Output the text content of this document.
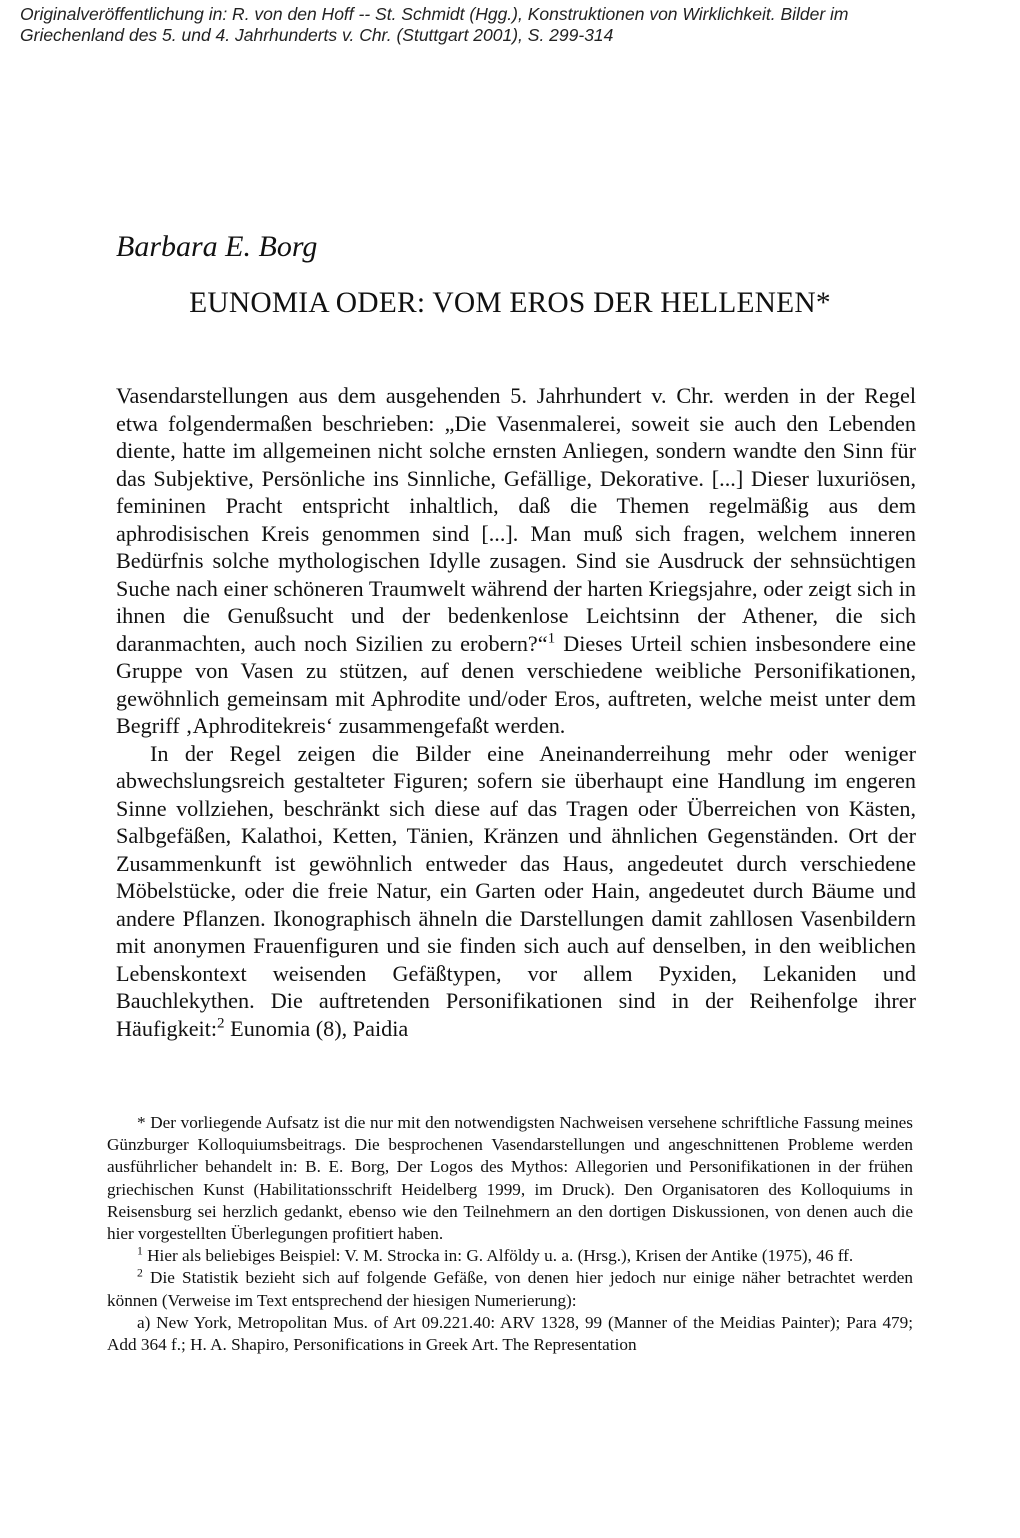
Originalveröffentlichung in: R. von den Hoff -- St. Schmidt (Hgg.), Konstruktionen von Wirklichkeit. Bilder im
Griechenland des 5. und 4. Jahrhunderts v. Chr. (Stuttgart 2001), S. 299-314
Barbara E. Borg
EUNOMIA ODER: VOM EROS DER HELLENEN*

Vasendarstellungen aus dem ausgehenden 5. Jahrhundert v. Chr. werden in der Regel etwa folgendermaßen beschrieben: „Die Vasenmalerei, soweit sie auch den Lebenden diente, hatte im allgemeinen nicht solche ernsten Anliegen, sondern wandte den Sinn für das Subjektive, Persönliche ins Sinnliche, Gefällige, Dekorative. [...] Dieser luxuriösen, femininen Pracht entspricht inhaltlich, daß die Themen regelmäßig aus dem aphrodisischen Kreis genommen sind [...]. Man muß sich fragen, welchem inneren Bedürfnis solche mythologischen Idylle zusagen. Sind sie Ausdruck der sehnsüchtigen Suche nach einer schöneren Traumwelt während der harten Kriegsjahre, oder zeigt sich in ihnen die Genußsucht und der bedenkenlose Leichtsinn der Athener, die sich daranmachten, auch noch Sizilien zu erobern?“$^1$ Dieses Urteil schien insbesondere eine Gruppe von Vasen zu stützen, auf denen verschiedene weibliche Personifikationen, gewöhnlich gemeinsam mit Aphrodite und/oder Eros, auftreten, welche meist unter dem Begriff ‚Aphroditekreis‘ zusammengefaßt werden.

In der Regel zeigen die Bilder eine Aneinanderreihung mehr oder weniger abwechslungsreich gestalteter Figuren; sofern sie überhaupt eine Handlung im engeren Sinne vollziehen, beschränkt sich diese auf das Tragen oder Überreichen von Kästen, Salbgefäßen, Kalathoi, Ketten, Tänien, Kränzen und ähnlichen Gegenständen. Ort der Zusammenkunft ist gewöhnlich entweder das Haus, angedeutet durch verschiedene Möbelstücke, oder die freie Natur, ein Garten oder Hain, angedeutet durch Bäume und andere Pflanzen. Ikonographisch ähneln die Darstellungen damit zahllosen Vasenbildern mit anonymen Frauenfiguren und sie finden sich auch auf denselben, in den weiblichen Lebenskontext weisenden Gefäßtypen, vor allem Pyxiden, Lekaniden und Bauchlekythen. Die auftretenden Personifikationen sind in der Reihenfolge ihrer Häufigkeit:$^2$ Eunomia (8), Paidia

* Der vorliegende Aufsatz ist die nur mit den notwendigsten Nachweisen versehene schriftliche Fassung meines Günzburger Kolloquiumsbeitrags. Die besprochenen Vasendarstellungen und angeschnittenen Probleme werden ausführlicher behandelt in: B. E. Borg, Der Logos des Mythos: Allegorien und Personifikationen in der frühen griechischen Kunst (Habilitationsschrift Heidelberg 1999, im Druck). Den Organisatoren des Kolloquiums in Reisensburg sei herzlich gedankt, ebenso wie den Teilnehmern an den dortigen Diskussionen, von denen auch die hier vorgestellten Überlegungen profitiert haben.

$^1$ Hier als beliebiges Beispiel: V. M. Strocka in: G. Alföldy u. a. (Hrsg.), Krisen der Antike (1975), 46 ff.

$^2$ Die Statistik bezieht sich auf folgende Gefäße, von denen hier jedoch nur einige näher betrachtet werden können (Verweise im Text entsprechend der hiesigen Numerierung):

a) New York, Metropolitan Mus. of Art 09.221.40: ARV 1328, 99 (Manner of the Meidias Painter); Para 479; Add 364 f.; H. A. Shapiro, Personifications in Greek Art. The Representation
